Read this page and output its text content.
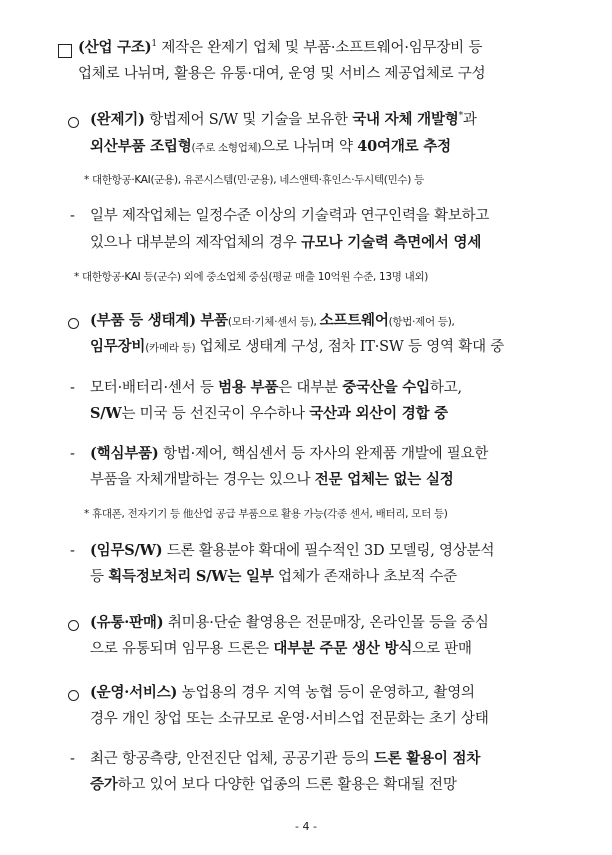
(산업 구조)$^1$ 제작은 완제기 업체 및 부품·소프트웨어·임무장비 등
업체로 나뉘며, 활용은 유통·대여, 운영 및 서비스 제공업체로 구성
(완제기) 항법제어 S/W 및 기술을 보유한 국내 자체 개발형*과
외산부품 조립형(주로 소형업체)으로 나뉘며 약 40여개로 추정
* 대한항공·KAI(군용), 유콘시스템(민·군용), 네스앤텍·휴인스·두시텍(민수) 등
- 일부 제작업체는 일정수준 이상의 기술력과 연구인력을 확보하고
있으나 대부분의 제작업체의 경우 규모나 기술력 측면에서 영세
* 대한항공·KAI 등(군수) 외에 중소업체 중심(평균 매출 10억원 수준, 13명 내외)
(부품 등 생태계) 부품(모터·기체·센서 등), 소프트웨어(항법·제어 등),
임무장비(카메라 등) 업체로 생태계 구성, 점차 IT·SW 등 영역 확대 중
- 모터·배터리·센서 등 범용 부품은 대부분 중국산을 수입하고,
S/W는 미국 등 선진국이 우수하나 국산과 외산이 경합 중
- (핵심부품) 항법·제어, 핵심센서 등 자사의 완제품 개발에 필요한
부품을 자체개발하는 경우는 있으나 전문 업체는 없는 실정
* 휴대폰, 전자기기 등 他산업 공급 부품으로 활용 가능(각종 센서, 배터리, 모터 등)
- (임무S/W) 드론 활용분야 확대에 필수적인 3D 모델링, 영상분석
등 획득정보처리 S/W는 일부 업체가 존재하나 초보적 수준
(유통·판매) 취미용·단순 촬영용은 전문매장, 온라인몰 등을 중심
으로 유통되며 임무용 드론은 대부분 주문 생산 방식으로 판매
(운영·서비스) 농업용의 경우 지역 농협 등이 운영하고, 촬영의
경우 개인 창업 또는 소규모로 운영·서비스업 전문화는 초기 상태
- 최근 항공측량, 안전진단 업체, 공공기관 등의 드론 활용이 점차
증가하고 있어 보다 다양한 업종의 드론 활용은 확대될 전망
- 4 -
